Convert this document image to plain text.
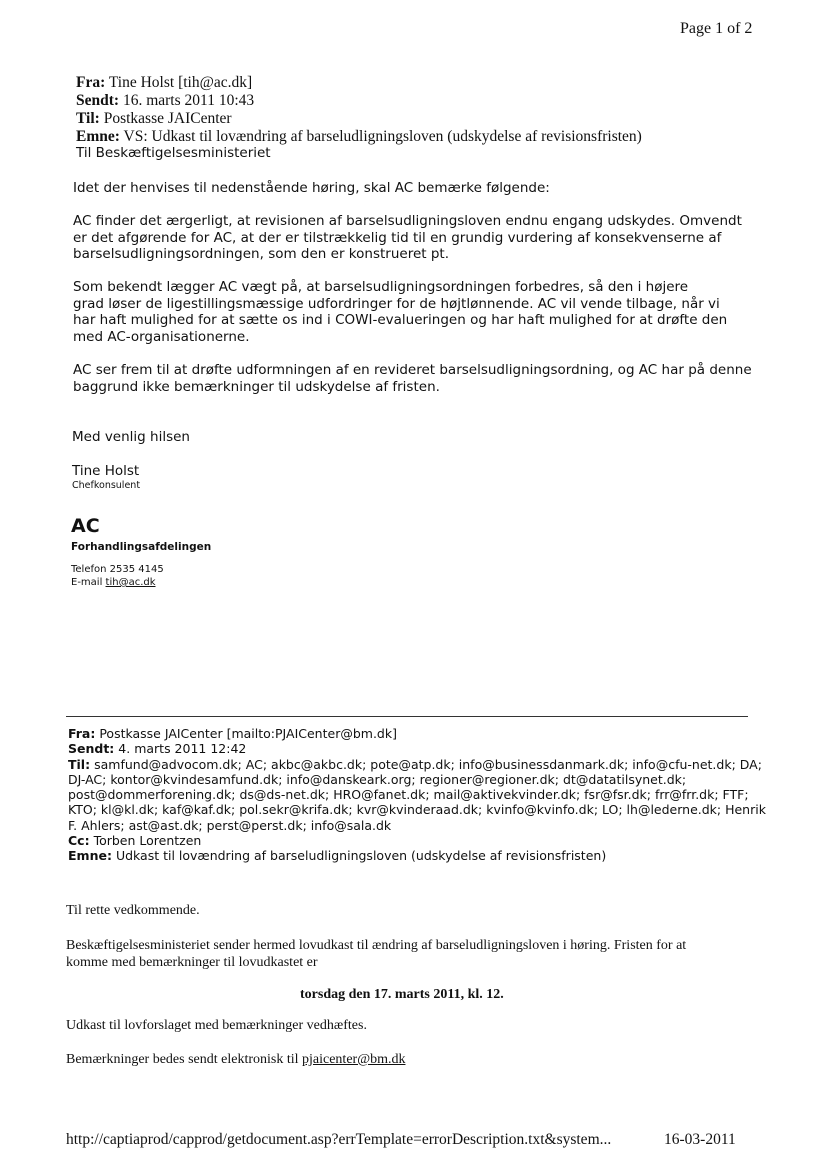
Page 1 of 2
Fra: Tine Holst [tih@ac.dk]
Sendt: 16. marts 2011 10:43
Til: Postkasse JAICenter
Emne: VS: Udkast til lovændring af barseludligningsloven (udskydelse af revisionsfristen)
Til Beskæftigelsesministeriet
Idet der henvises til nedenstående høring, skal AC bemærke følgende:
AC finder det ærgerligt, at revisionen af barselsudligningsloven endnu engang udskydes. Omvendt
er det afgørende for AC, at der er tilstrækkelig tid til en grundig vurdering af konsekvenserne af
barselsudligningsordningen, som den er konstrueret pt.
Som bekendt lægger AC vægt på, at barselsudligningsordningen forbedres, så den i højere
grad løser de ligestillingsmæssige udfordringer for de højtlønnende. AC vil vende tilbage, når vi
har haft mulighed for at sætte os ind i COWI-evalueringen og har haft mulighed for at drøfte den
med AC-organisationerne.
AC ser frem til at drøfte udformningen af en revideret barselsudligningsordning, og AC har på denne
baggrund ikke bemærkninger til udskydelse af fristen.
Med venlig hilsen
Tine Holst
Chefkonsulent
AC
Forhandlingsafdelingen
Telefon 2535 4145
E-mail tih@ac.dk
Fra: Postkasse JAICenter [mailto:PJAICenter@bm.dk]
Sendt: 4. marts 2011 12:42
Til: samfund@advocom.dk; AC; akbc@akbc.dk; pote@atp.dk; info@businessdanmark.dk; info@cfu-net.dk; DA;
DJ-AC; kontor@kvindesamfund.dk; info@danskeark.org; regioner@regioner.dk; dt@datatilsynet.dk;
post@dommerforening.dk; ds@ds-net.dk; HRO@fanet.dk; mail@aktivekvinder.dk; fsr@fsr.dk; frr@frr.dk; FTF;
KTO; kl@kl.dk; kaf@kaf.dk; pol.sekr@krifa.dk; kvr@kvinderaad.dk; kvinfo@kvinfo.dk; LO; lh@lederne.dk; Henrik
F. Ahlers; ast@ast.dk; perst@perst.dk; info@sala.dk
Cc: Torben Lorentzen
Emne: Udkast til lovændring af barseludligningsloven (udskydelse af revisionsfristen)
Til rette vedkommende.
Beskæftigelsesministeriet sender hermed lovudkast til ændring af barseludligningsloven i høring. Fristen for at
komme med bemærkninger til lovudkastet er
torsdag den 17. marts 2011, kl. 12.
Udkast til lovforslaget med bemærkninger vedhæftes.
Bemærkninger bedes sendt elektronisk til pjaicenter@bm.dk
http://captiaprod/capprod/getdocument.asp?errTemplate=errorDescription.txt&system...	16-03-2011
